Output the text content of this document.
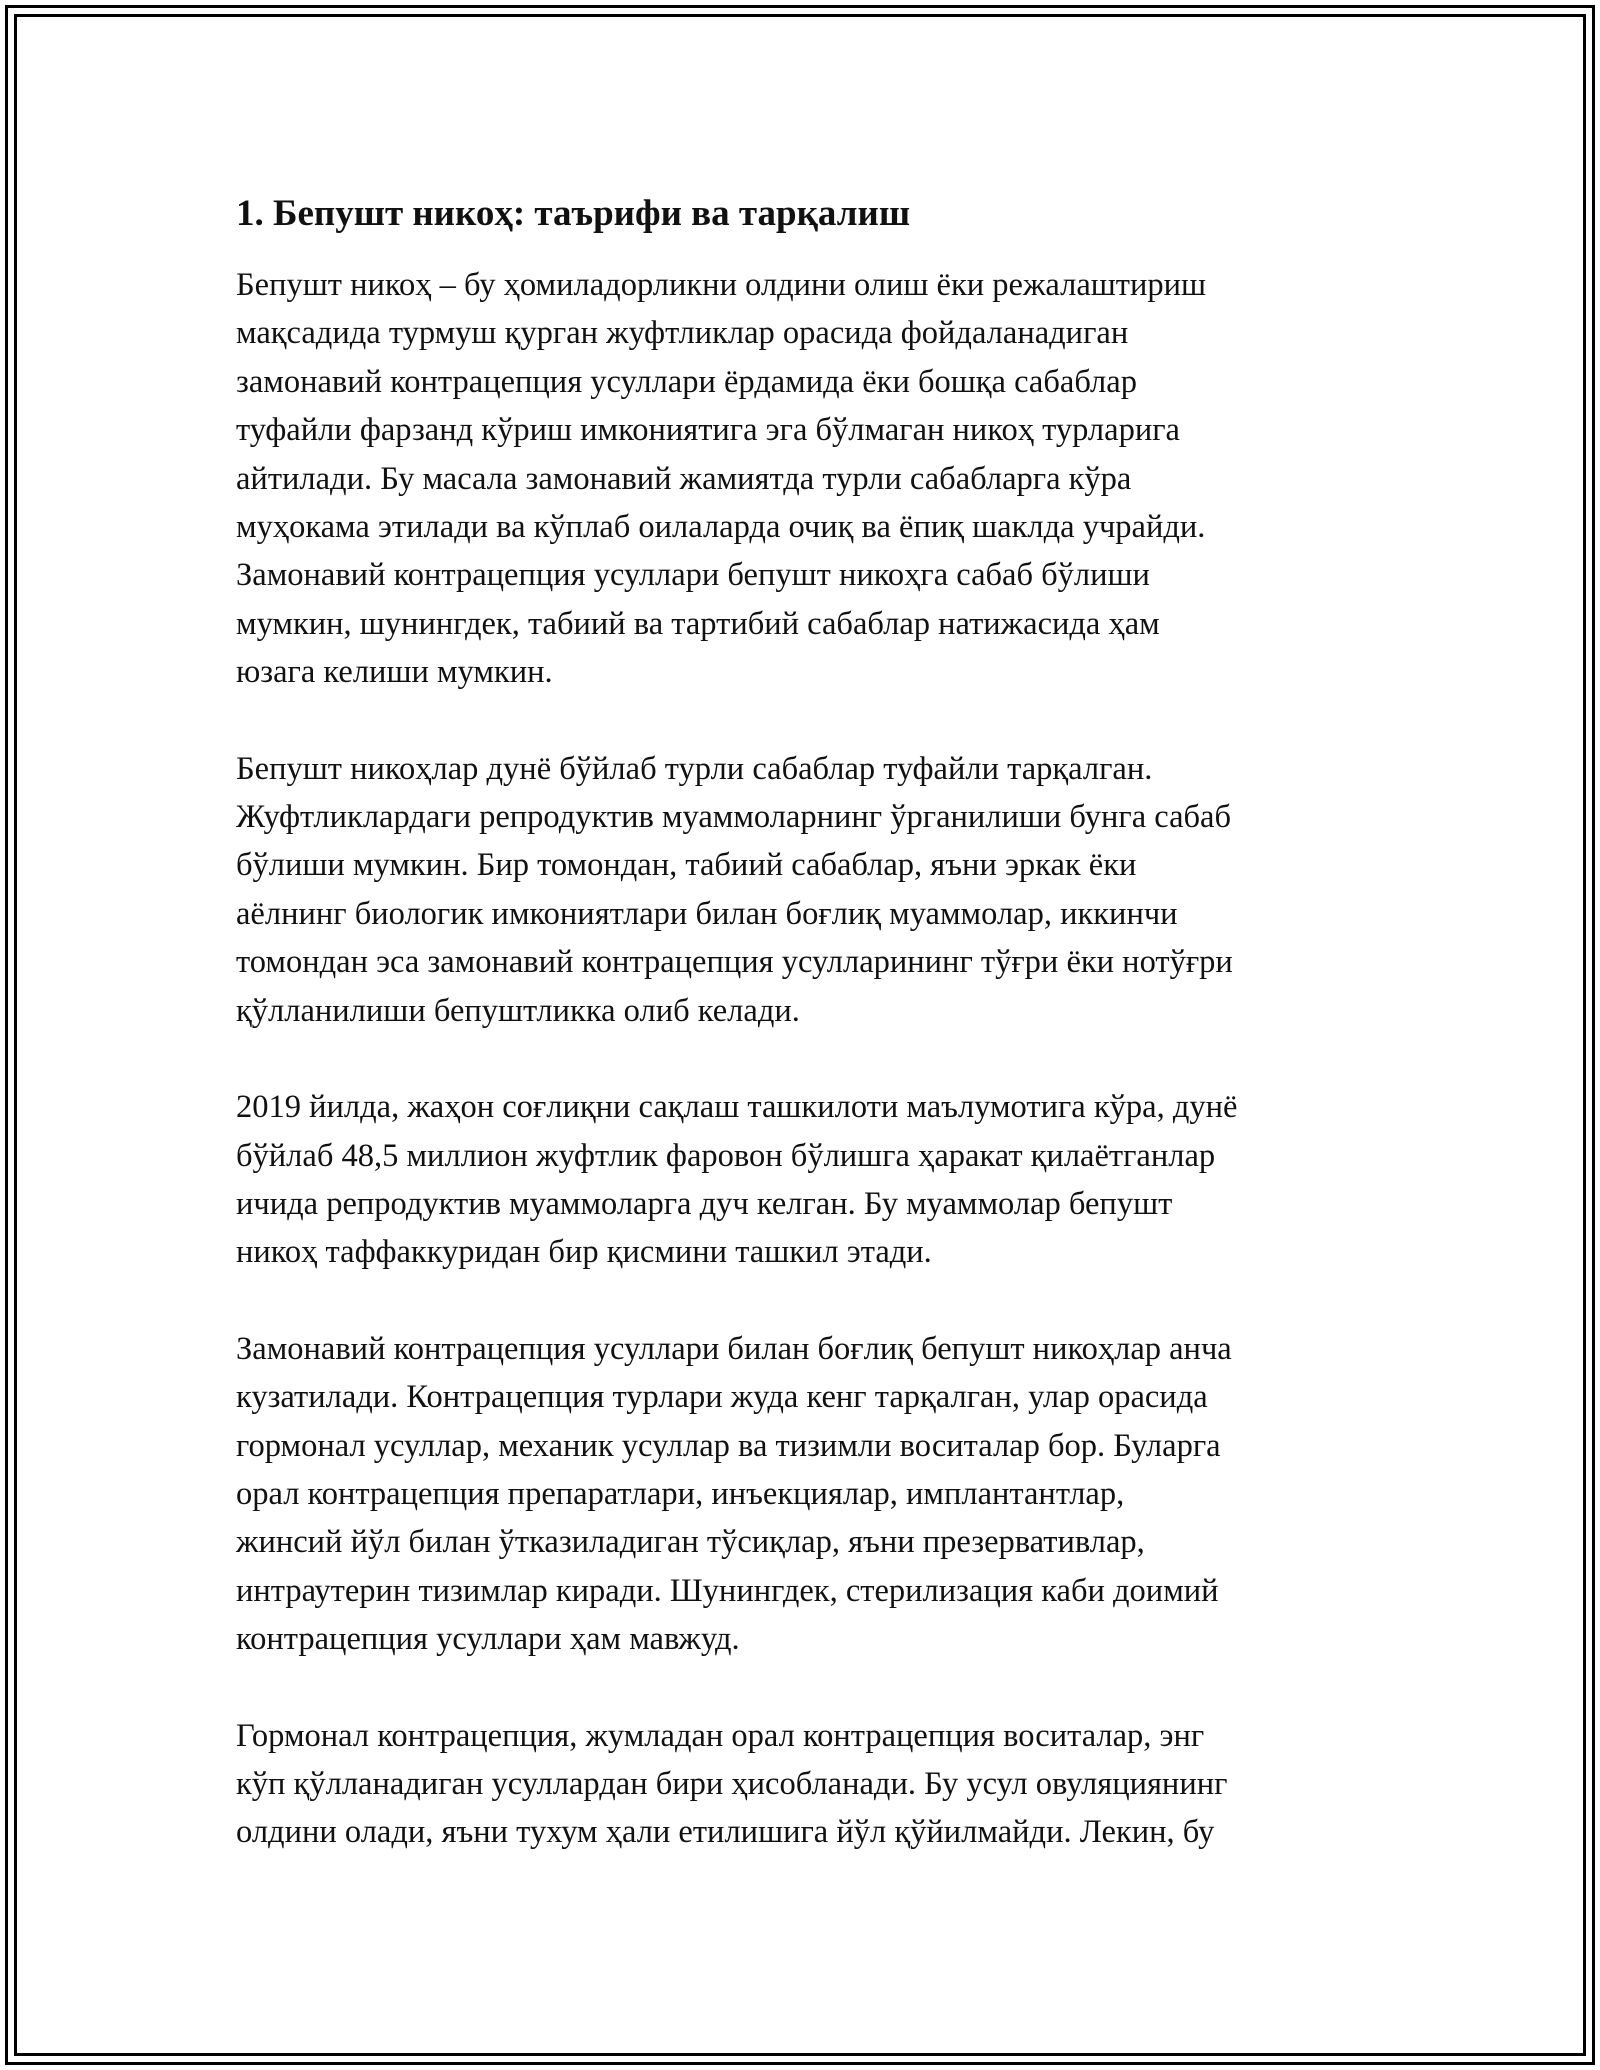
1. Бепушт никоҳ: таърифи ва тарқалиш

Бепушт никоҳ – бу ҳомиладорликни олдини олиш ёки режалаштириш
мақсадида турмуш қурган жуфтликлар орасида фойдаланадиган
замонавий контрацепция усуллари ёрдамида ёки бошқа сабаблар
туфайли фарзанд кўриш имкониятига эга бўлмаган никоҳ турларига
айтилади. Бу масала замонавий жамиятда турли сабабларга кўра
муҳокама этилади ва кўплаб оилаларда очиқ ва ёпиқ шаклда учрайди.
Замонавий контрацепция усуллари бепушт никоҳга сабаб бўлиши
мумкин, шунингдек, табиий ва тартибий сабаблар натижасида ҳам
юзага келиши мумкин.

Бепушт никоҳлар дунё бўйлаб турли сабаблар туфайли тарқалган.
Жуфтликлардаги репродуктив муаммоларнинг ўрганилиши бунга сабаб
бўлиши мумкин. Бир томондан, табиий сабаблар, яъни эркак ёки
аёлнинг биологик имкониятлари билан боғлиқ муаммолар, иккинчи
томондан эса замонавий контрацепция усулларининг тўғри ёки нотўғри
қўлланилиши бепуштликка олиб келади.

2019 йилда, жаҳон соғлиқни сақлаш ташкилоти маълумотига кўра, дунё
бўйлаб 48,5 миллион жуфтлик фаровон бўлишга ҳаракат қилаётганлар
ичида репродуктив муаммоларга дуч келган. Бу муаммолар бепушт
никоҳ таффаккуридан бир қисмини ташкил этади.

Замонавий контрацепция усуллари билан боғлиқ бепушт никоҳлар анча
кузатилади. Контрацепция турлари жуда кенг тарқалган, улар орасида
гормонал усуллар, механик усуллар ва тизимли воситалар бор. Буларга
орал контрацепция препаратлари, инъекциялар, имплантантлар,
жинсий йўл билан ўтказиладиган тўсиқлар, яъни презервативлар,
интраутерин тизимлар киради. Шунингдек, стерилизация каби доимий
контрацепция усуллари ҳам мавжуд.

Гормонал контрацепция, жумладан орал контрацепция воситалар, энг
кўп қўлланадиган усуллардан бири ҳисобланади. Бу усул овуляциянинг
олдини олади, яъни тухум ҳали етилишига йўл қўйилмайди. Лекин, бу
